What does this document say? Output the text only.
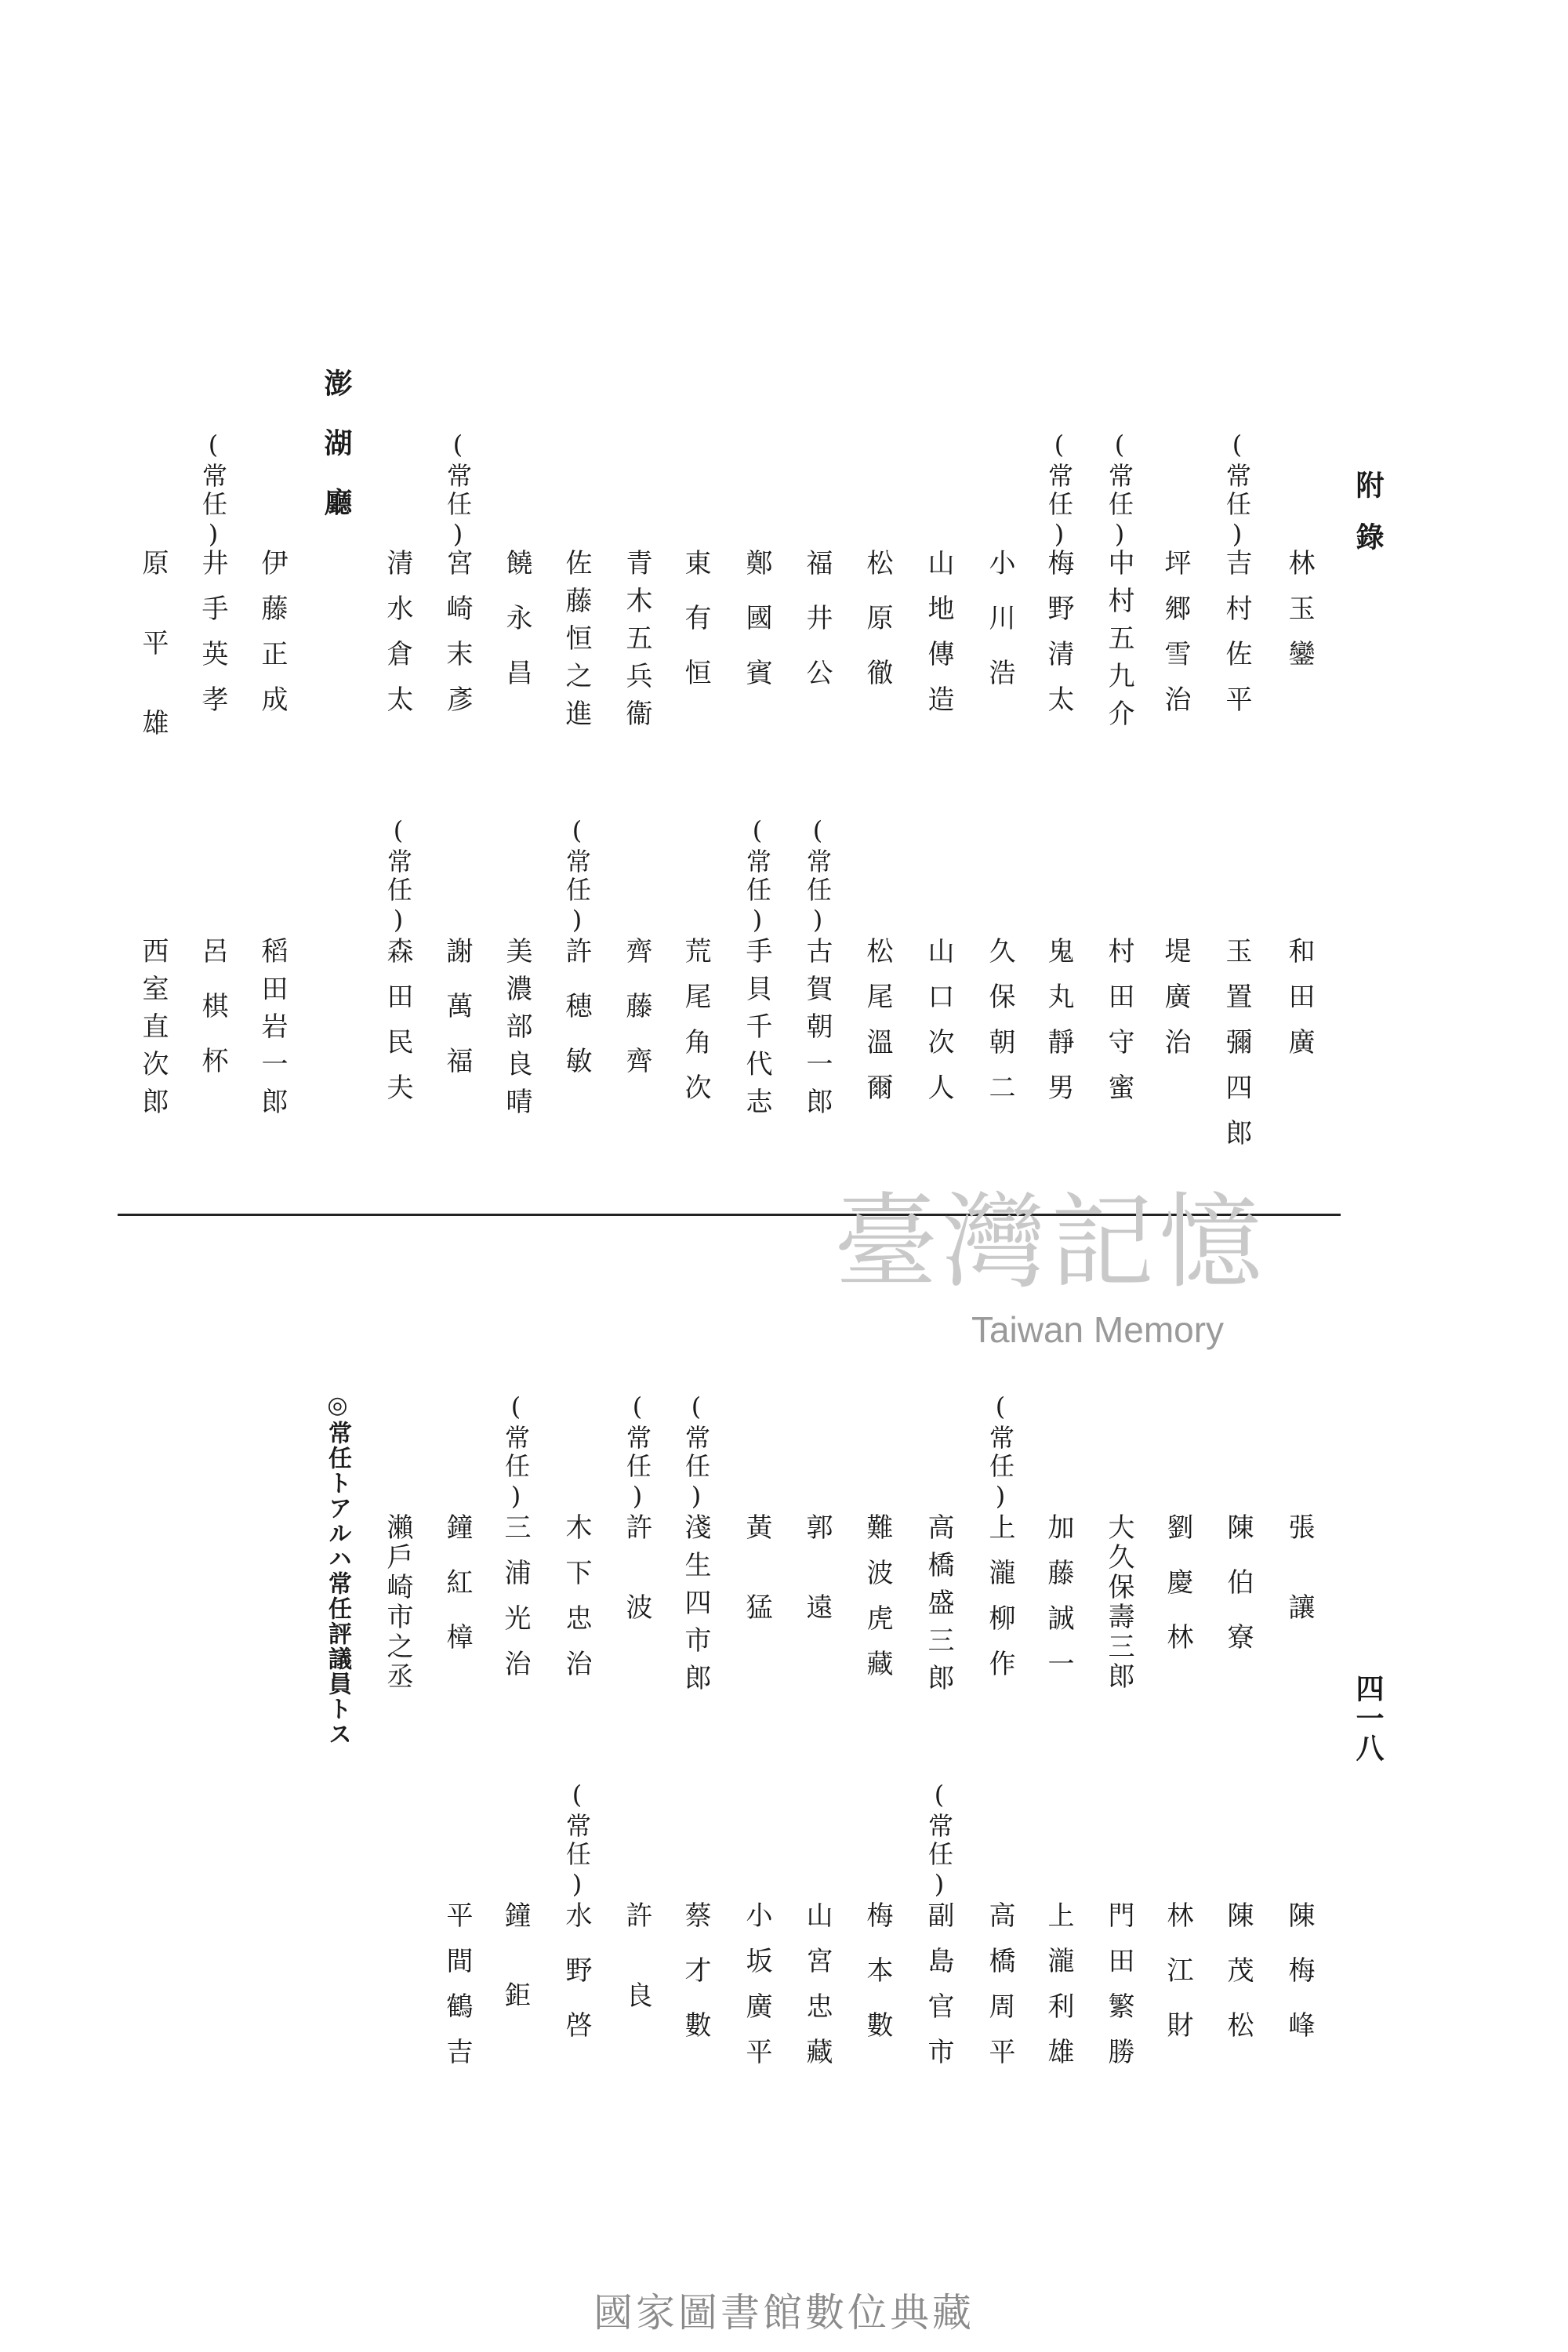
附錄
四一八
林玉鑾
和田廣
(常任)
吉村佐平
玉置彌四郎
坪郷雪治
堤廣治
(常任)
中村五九介
村田守蜜
(常任)
梅野清太
鬼丸靜男
小川浩
久保朝二
山地傳造
山口次人
松原徹
松尾溫爾
福井公
(常任)
古賀朝一郎
鄭國賓
(常任)
手貝千代志
東有恒
荒尾角次
青木五兵衞
齊藤齊
佐藤恒之進
(常任)
許穂敏
饒永昌
美濃部良晴
(常任)
宮崎末彥
謝萬福
清水倉太
(常任)
森田民夫
澎湖廳
伊藤正成
稻田岩一郎
(常任)
井手英孝
呂棋杯
原平雄
西室直次郎
臺灣記憶
Taiwan Memory
張讓
陳梅峰
陳伯寮
陳茂松
劉慶林
林江財
大久保壽三郎
門田繁勝
加藤誠一
上瀧利雄
(常任)
上瀧柳作
高橋周平
高橋盛三郎
(常任)
副島官市
難波虎藏
梅本數
郭遠
山宮忠藏
黃猛
小坂廣平
(常任)
淺生四市郎
蔡才數
(常任)
許波
許良
木下忠治
(常任)
水野啓
(常任)
三浦光治
鐘鉅
鐘紅樟
平間鶴吉
瀨戶崎市之丞
◎常任トアルハ常任評議員トス
國家圖書館數位典藏
